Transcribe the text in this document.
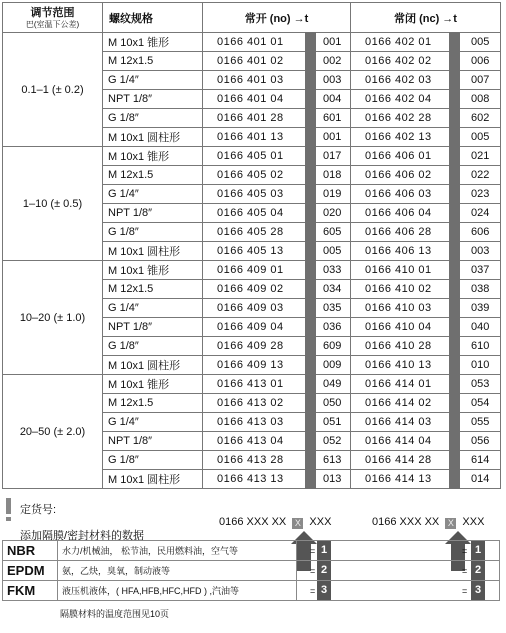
调节范围
巴(室温下公差)	螺纹规格	常开 (no) →t	常闭 (nc) →t
0.1–1 (± 0.2)	M 10x1 锥形	0166 401 01 001	0166 402 01 005

	M 12x1.5	0166 401 02 002	0166 402 02 006

	G 1/4″	0166 401 03 003	0166 402 03 007

	NPT 1/8″	0166 401 04 004	0166 402 04 008

	G 1/8″	0166 401 28 601	0166 402 28 602

	M 10x1 圆柱形	0166 401 13 001	0166 402 13 005

1–10 (± 0.5)	M 10x1 锥形	0166 405 01 017	0166 406 01 021

	M 12x1.5	0166 405 02 018	0166 406 02 022

	G 1/4″	0166 405 03 019	0166 406 03 023

	NPT 1/8″	0166 405 04 020	0166 406 04 024

	G 1/8″	0166 405 28 605	0166 406 28 606

	M 10x1 圆柱形	0166 405 13 005	0166 406 13 003

10–20 (± 1.0)	M 10x1 锥形	0166 409 01 033	0166 410 01 037

	M 12x1.5	0166 409 02 034	0166 410 02 038

	G 1/4″	0166 409 03 035	0166 410 03 039

	NPT 1/8″	0166 409 04 036	0166 410 04 040

	G 1/8″	0166 409 28 609	0166 410 28 610

	M 10x1 圆柱形	0166 409 13 009	0166 410 13 010

20–50 (± 2.0)	M 10x1 锥形	0166 413 01 049	0166 414 01 053

	M 12x1.5	0166 413 02 050	0166 414 02 054

	G 1/4″	0166 413 03 051	0166 414 03 055

	NPT 1/8″	0166 413 04 052	0166 414 04 056

	G 1/8″	0166 413 28 613	0166 414 28 614

	M 10x1 圆柱形	0166 413 13 013	0166 414 13 014
定货号:
添加隔膜/密封材料的数据
0166 XXX XX X XXX	0166 XXX XX X XXX
NBR	水力/机械油， 松节油，民用燃料油，空气等	= 1 = 1

EPDM	氨，乙炔，臭氧，制动液等	= 2 = 2

FKM	液压机液体，( HFA,HFB,HFC,HFD ) ,汽油等	= 3 = 3
隔膜材料的温度范围见10页
